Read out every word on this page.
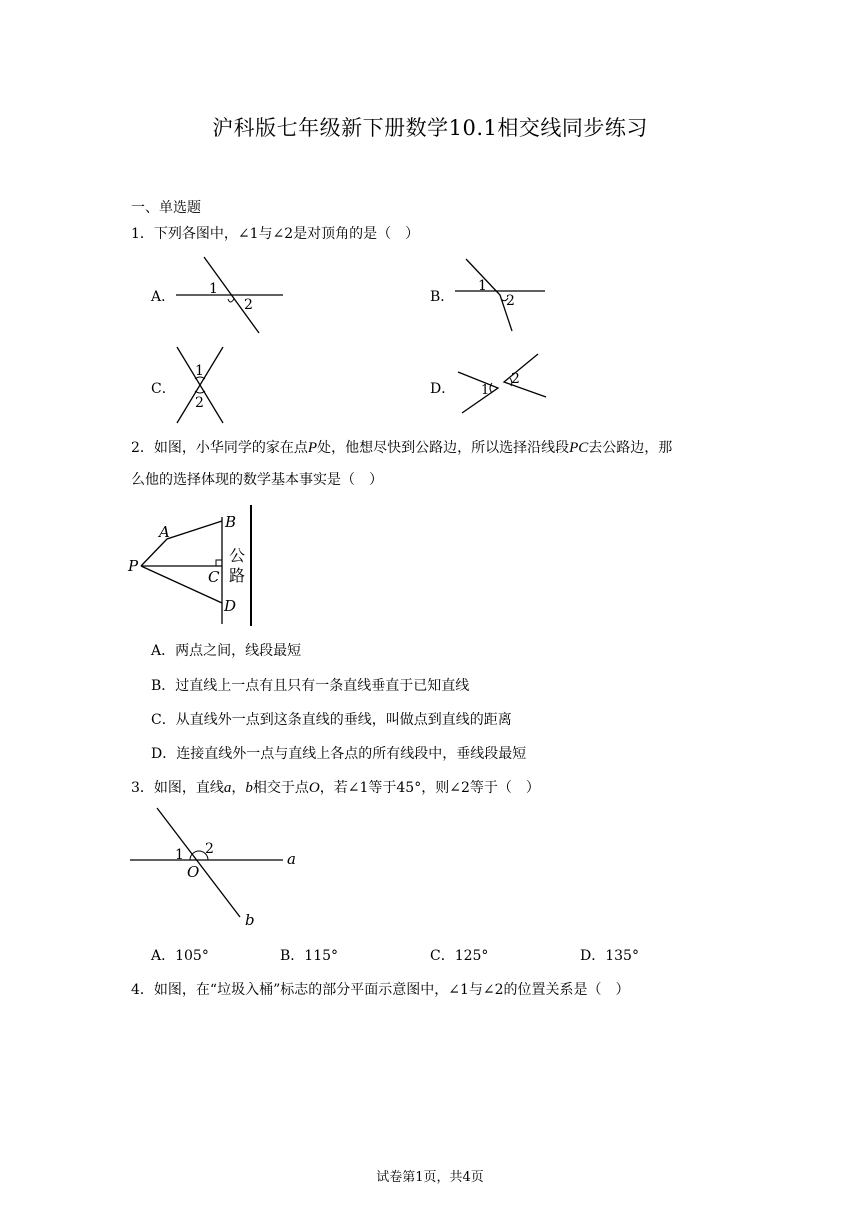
沪科版七年级新下册数学10.1相交线同步练习
一、单选题
1．下列各图中，∠1与∠2是对顶角的是（　）
A． 1
2	B．
1
2
C．
1
2
D． 1
2
2．如图，小华同学的家在点P处，他想尽快到公路边，所以选择沿线段PC去公路边，那
么他的选择体现的数学基本事实是（　）
A
B
C
D
P
公
路
A．两点之间，线段最短
B．过直线上一点有且只有一条直线垂直于已知直线
C．从直线外一点到这条直线的垂线，叫做点到直线的距离
D．连接直线外一点与直线上各点的所有线段中，垂线段最短
3．如图，直线a，b相交于点O，若∠1等于45°，则∠2等于（　）
1 2
O
a
b
A．105°	B．115°	C．125°	D．135°
4．如图，在“垃圾入桶”标志的部分平面示意图中，∠1与∠2的位置关系是（　）
试卷第1页，共4页
